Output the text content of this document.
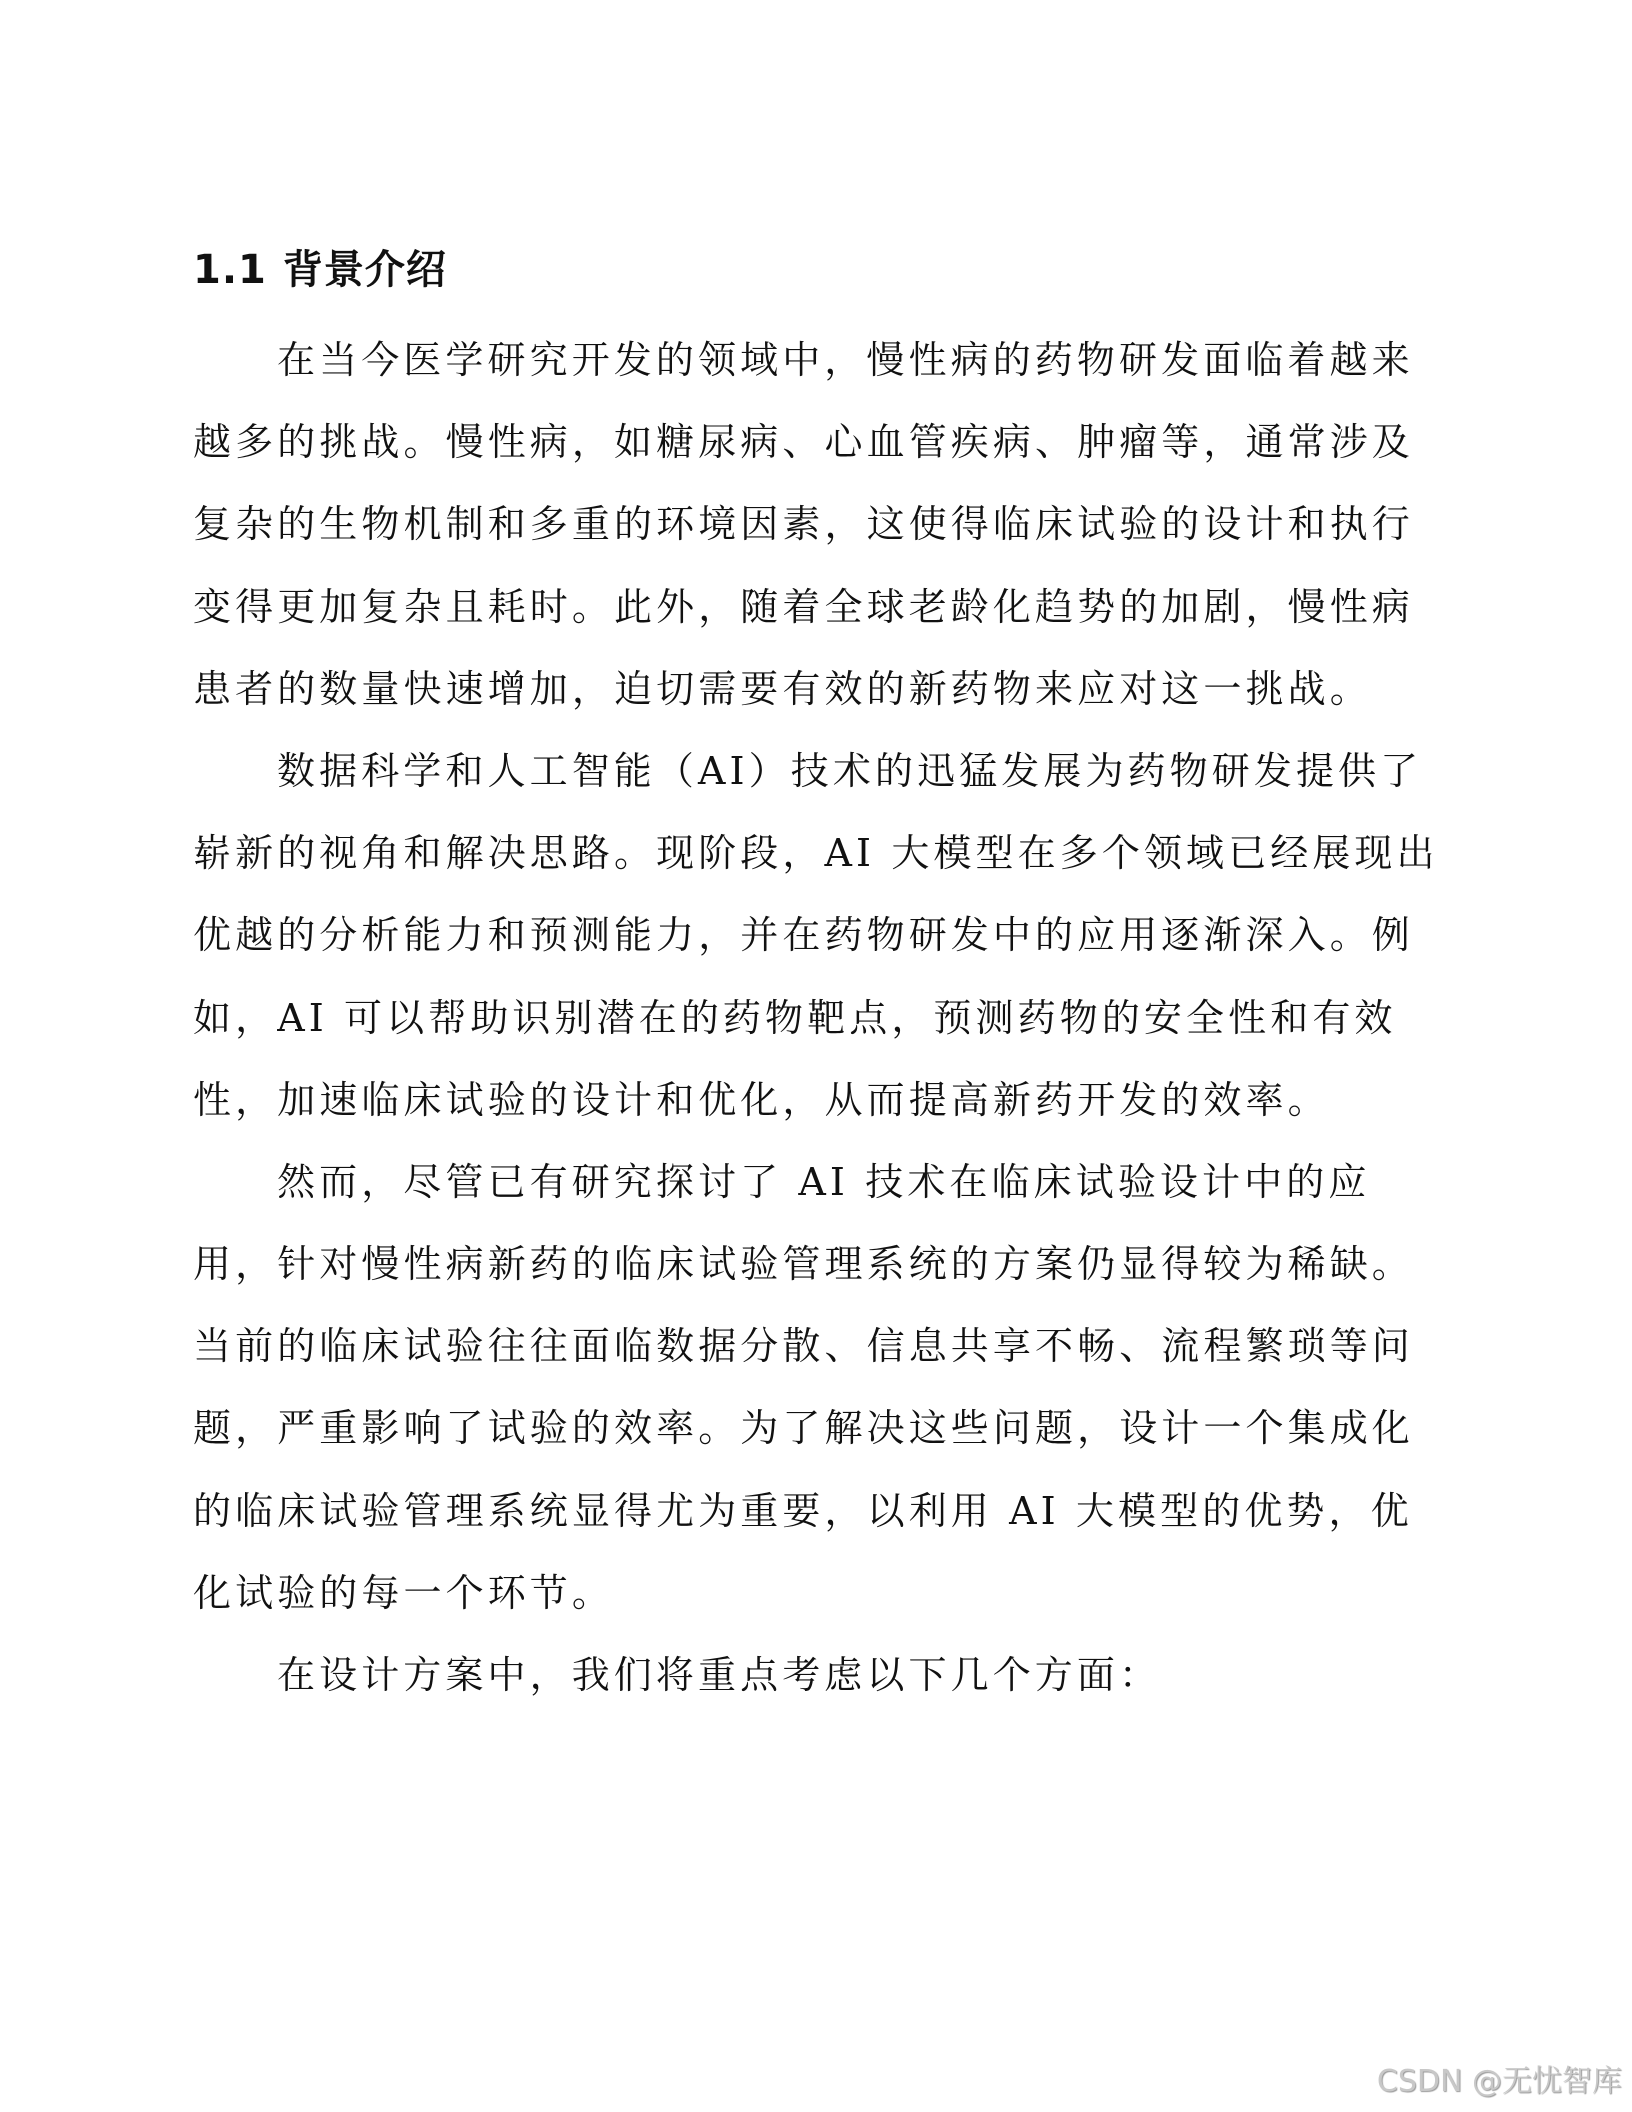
1.1 背景介绍
在当今医学研究开发的领域中，慢性病的药物研发面临着越来
越多的挑战。慢性病，如糖尿病、心血管疾病、肿瘤等，通常涉及
复杂的生物机制和多重的环境因素，这使得临床试验的设计和执行
变得更加复杂且耗时。此外，随着全球老龄化趋势的加剧，慢性病
患者的数量快速增加，迫切需要有效的新药物来应对这一挑战。
数据科学和人工智能（AI）技术的迅猛发展为药物研发提供了
崭新的视角和解决思路。现阶段，AI 大模型在多个领域已经展现出
优越的分析能力和预测能力，并在药物研发中的应用逐渐深入。例
如，AI 可以帮助识别潜在的药物靶点，预测药物的安全性和有效
性，加速临床试验的设计和优化，从而提高新药开发的效率。
然而，尽管已有研究探讨了 AI 技术在临床试验设计中的应
用，针对慢性病新药的临床试验管理系统的方案仍显得较为稀缺。
当前的临床试验往往面临数据分散、信息共享不畅、流程繁琐等问
题，严重影响了试验的效率。为了解决这些问题，设计一个集成化
的临床试验管理系统显得尤为重要，以利用 AI 大模型的优势，优
化试验的每一个环节。
在设计方案中，我们将重点考虑以下几个方面：
CSDN @无忧智库
